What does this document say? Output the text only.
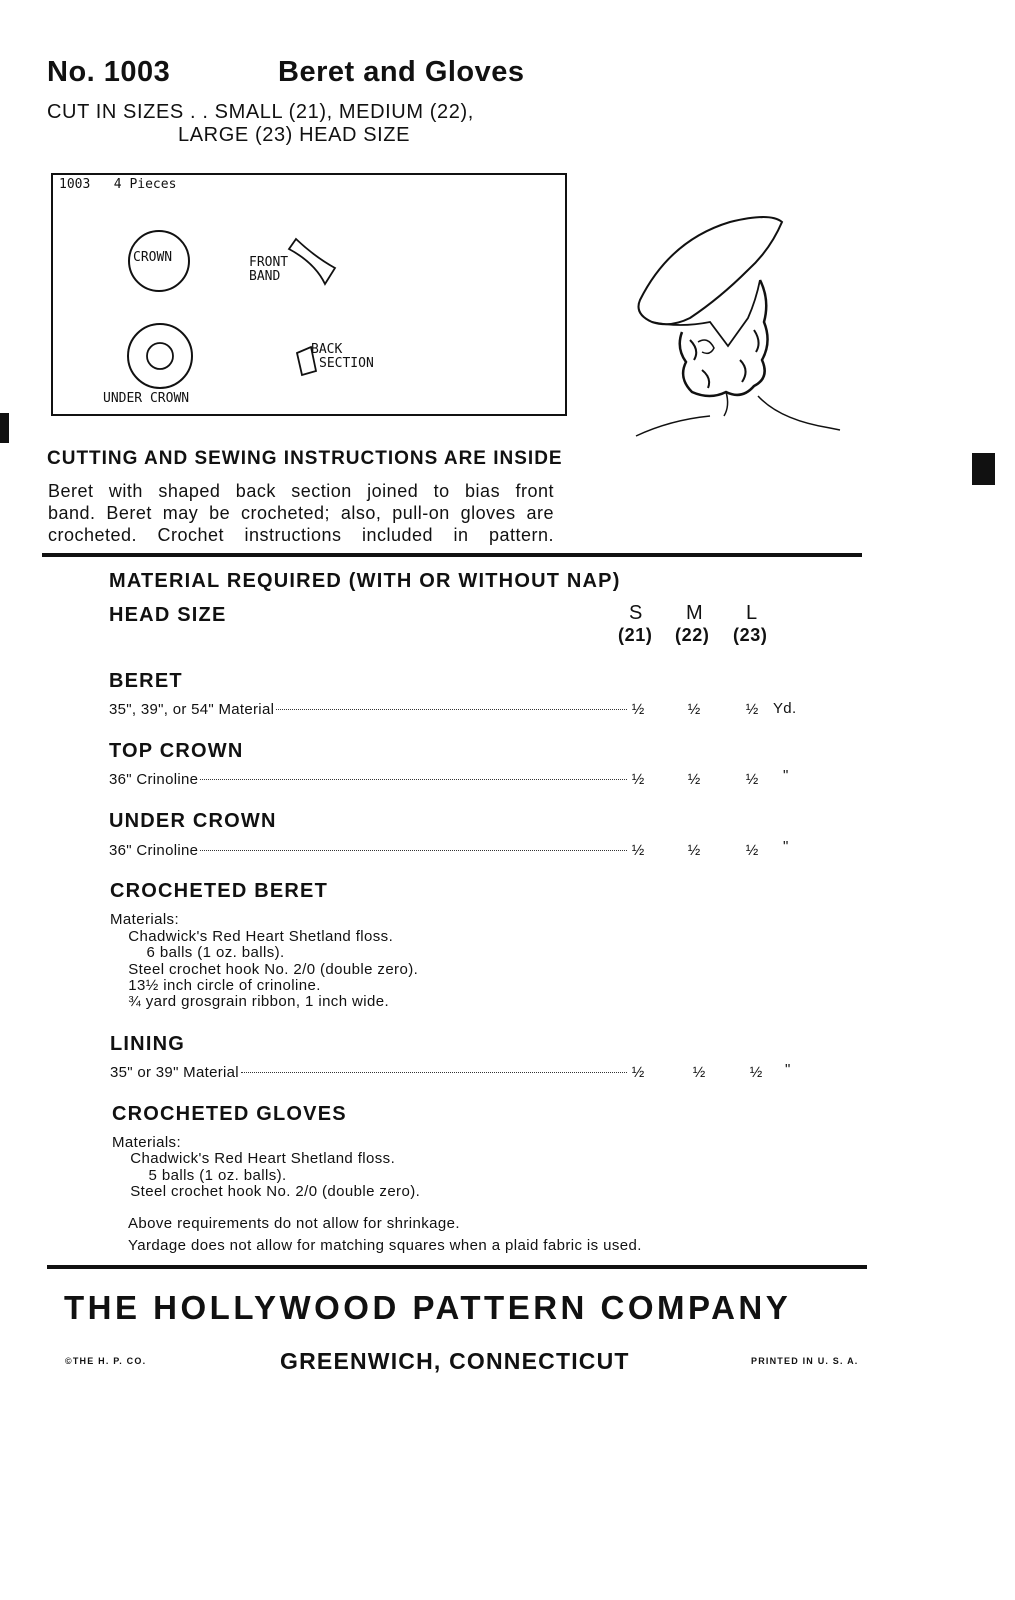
No. 1003	Beret and Gloves
CUT IN SIZES . . SMALL (21), MEDIUM (22),
LARGE (23) HEAD SIZE
1003   4 Pieces
CROWN	FRONT
BAND
BACK
SECTION
UNDER CROWN
CUTTING AND SEWING INSTRUCTIONS ARE INSIDE
Beret with shaped back section joined to bias front
band. Beret may be crocheted; also, pull-on gloves are
crocheted. Crochet instructions included in pattern.
MATERIAL REQUIRED (WITH OR WITHOUT NAP)
HEAD SIZE	S M L
(21) (22) (23)
BERET
35", 39", or 54" Material	½	½	½ Yd.
TOP CROWN
36" Crinoline	½	½	½	"
UNDER CROWN
36" Crinoline	½	½	½	"
CROCHETED BERET
Materials:
Chadwick's Red Heart Shetland floss.
6 balls (1 oz. balls).
Steel crochet hook No. 2/0 (double zero).
13½ inch circle of crinoline.
¾ yard grosgrain ribbon, 1 inch wide.
LINING
35" or 39" Material	½	½	½	"
CROCHETED GLOVES
Materials:
Chadwick's Red Heart Shetland floss.
5 balls (1 oz. balls).
Steel crochet hook No. 2/0 (double zero).
Above requirements do not allow for shrinkage.
Yardage does not allow for matching squares when a plaid fabric is used.
THE HOLLYWOOD PATTERN COMPANY
©THE H. P. CO.	GREENWICH, CONNECTICUT	PRINTED IN U. S. A.
